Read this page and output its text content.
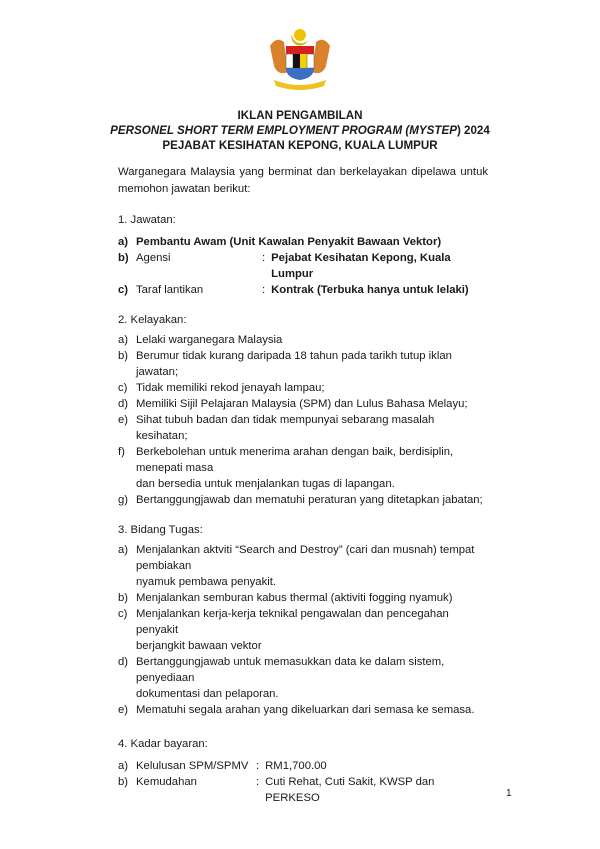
IKLAN PENGAMBILAN
PERSONEL SHORT TERM EMPLOYMENT PROGRAM (MYSTEP) 2024
PEJABAT KESIHATAN KEPONG, KUALA LUMPUR
Warganegara Malaysia yang berminat dan berkelayakan dipelawa untuk memohon jawatan berikut:
1. Jawatan:
a) Pembantu Awam (Unit Kawalan Penyakit Bawaan Vektor)
b) Agensi	: Pejabat Kesihatan Kepong, Kuala Lumpur
c) Taraf lantikan	: Kontrak (Terbuka hanya untuk lelaki)
2. Kelayakan:
a) Lelaki warganegara Malaysia
b) Berumur tidak kurang daripada 18 tahun pada tarikh tutup iklan jawatan;
c) Tidak memiliki rekod jenayah lampau;
d) Memiliki Sijil Pelajaran Malaysia (SPM) dan Lulus Bahasa Melayu;
e) Sihat tubuh badan dan tidak mempunyai sebarang masalah kesihatan;
f) Berkebolehan untuk menerima arahan dengan baik, berdisiplin, menepati masa
dan bersedia untuk menjalankan tugas di lapangan.
g) Bertanggungjawab dan mematuhi peraturan yang ditetapkan jabatan;
3. Bidang Tugas:
a) Menjalankan aktviti “Search and Destroy” (cari dan musnah) tempat pembiakan
nyamuk pembawa penyakit.
b) Menjalankan semburan kabus thermal (aktiviti fogging nyamuk)
c) Menjalankan kerja-kerja teknikal pengawalan dan pencegahan penyakit
berjangkit bawaan vektor
d) Bertanggungjawab untuk memasukkan data ke dalam sistem, penyediaan
dokumentasi dan pelaporan.
e) Mematuhi segala arahan yang dikeluarkan dari semasa ke semasa.
4. Kadar bayaran:
a) Kelulusan SPM/SPMV : RM1,700.00
b) Kemudahan	: Cuti Rehat, Cuti Sakit, KWSP dan PERKESO	1
